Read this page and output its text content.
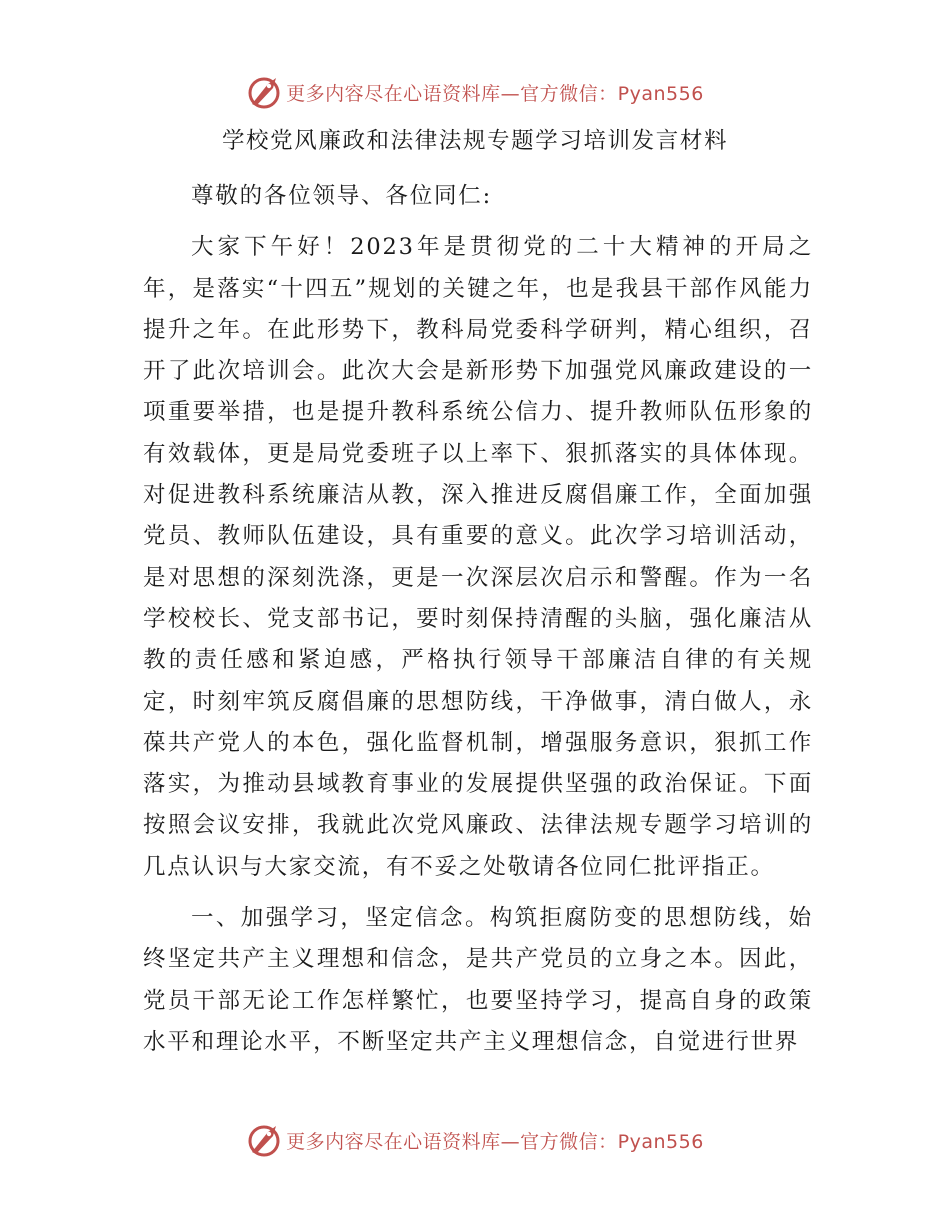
更多内容尽在心语资料库—官方微信：Pyan556
学校党风廉政和法律法规专题学习培训发言材料

尊敬的各位领导、各位同仁:

大家下午好！2023年是贯彻党的二十大精神的开局之年，是落实“十四五”规划的关键之年，也是我县干部作风能力提升之年。在此形势下，教科局党委科学研判，精心组织，召开了此次培训会。此次大会是新形势下加强党风廉政建设的一项重要举措，也是提升教科系统公信力、提升教师队伍形象的有效载体，更是局党委班子以上率下、狠抓落实的具体体现。对促进教科系统廉洁从教，深入推进反腐倡廉工作，全面加强党员、教师队伍建设，具有重要的意义。此次学习培训活动，是对思想的深刻洗涤，更是一次深层次启示和警醒。作为一名学校校长、党支部书记，要时刻保持清醒的头脑，强化廉洁从教的责任感和紧迫感，严格执行领导干部廉洁自律的有关规定，时刻牢筑反腐倡廉的思想防线，干净做事，清白做人，永葆共产党人的本色，强化监督机制，增强服务意识，狠抓工作落实，为推动县域教育事业的发展提供坚强的政治保证。下面按照会议安排，我就此次党风廉政、法律法规专题学习培训的几点认识与大家交流，有不妥之处敬请各位同仁批评指正。

一、加强学习，坚定信念。构筑拒腐防变的思想防线，始终坚定共产主义理想和信念，是共产党员的立身之本。因此，党员干部无论工作怎样繁忙，也要坚持学习，提高自身的政策水平和理论水平，不断坚定共产主义理想信念，自觉进行世界

更多内容尽在心语资料库—官方微信：Pyan556
